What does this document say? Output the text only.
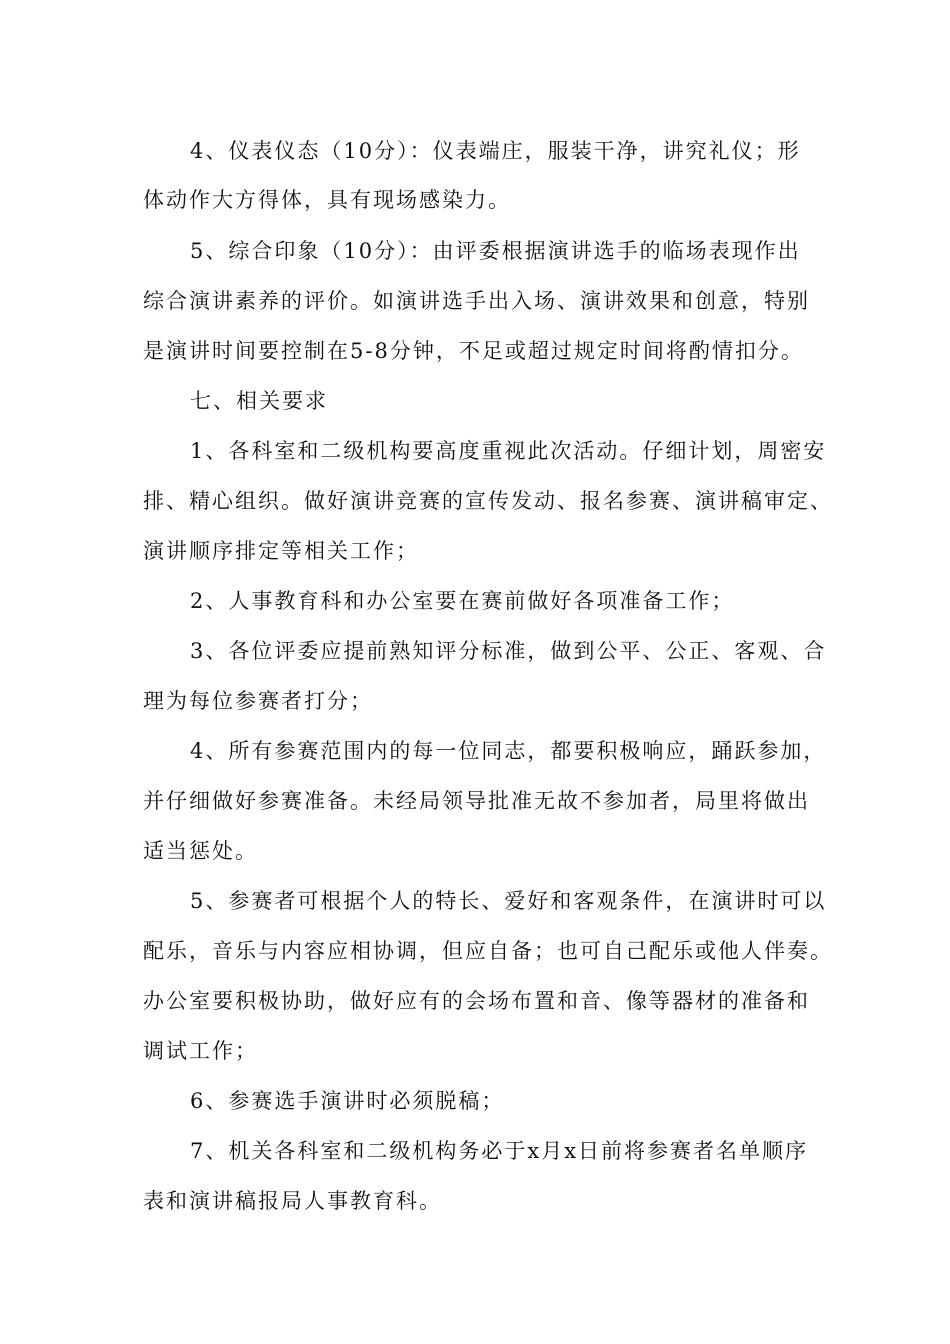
4、仪表仪态（10分）：仪表端庄，服装干净，讲究礼仪；形
体动作大方得体，具有现场感染力。
5、综合印象（10分）：由评委根据演讲选手的临场表现作出
综合演讲素养的评价。如演讲选手出入场、演讲效果和创意，特别
是演讲时间要控制在5-8分钟，不足或超过规定时间将酌情扣分。
七、相关要求
1、各科室和二级机构要高度重视此次活动。仔细计划，周密安
排、精心组织。做好演讲竞赛的宣传发动、报名参赛、演讲稿审定、
演讲顺序排定等相关工作；
2、人事教育科和办公室要在赛前做好各项准备工作；
3、各位评委应提前熟知评分标准，做到公平、公正、客观、合
理为每位参赛者打分；
4、所有参赛范围内的每一位同志，都要积极响应，踊跃参加，
并仔细做好参赛准备。未经局领导批准无故不参加者，局里将做出
适当惩处。
5、参赛者可根据个人的特长、爱好和客观条件，在演讲时可以
配乐，音乐与内容应相协调，但应自备；也可自己配乐或他人伴奏。
办公室要积极协助，做好应有的会场布置和音、像等器材的准备和
调试工作；
6、参赛选手演讲时必须脱稿；
7、机关各科室和二级机构务必于x月x日前将参赛者名单顺序
表和演讲稿报局人事教育科。
